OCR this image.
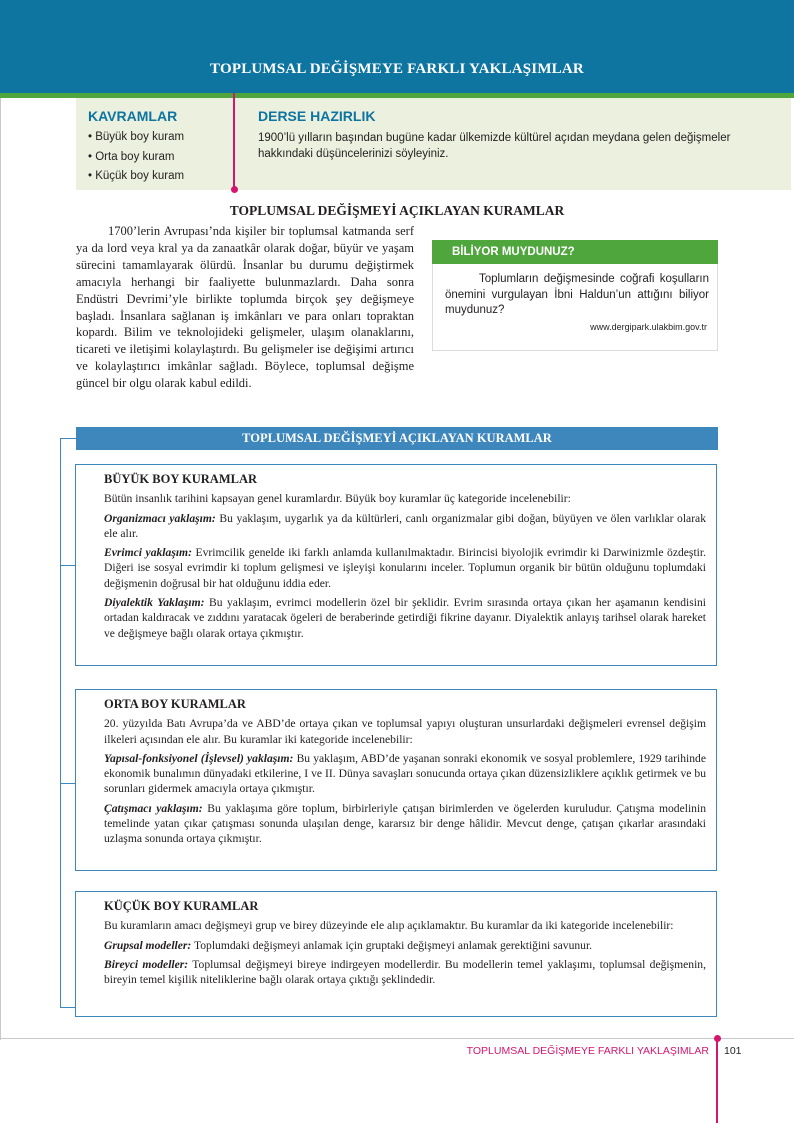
TOPLUMSAL DEĞİŞMEYE FARKLI YAKLAŞIMLAR
KAVRAMLAR
• Büyük boy kuram
• Orta boy kuram
• Küçük boy kuram
DERSE HAZIRLIK
1900’lü yılların başından bugüne kadar ülkemizde kültürel açıdan meydana gelen değişmeler hakkındaki düşüncelerinizi söyleyiniz.
TOPLUMSAL DEĞİŞMEYİ AÇIKLAYAN KURAMLAR

1700’lerin Avrupası’nda kişiler bir toplumsal katmanda serf ya da lord veya kral ya da zanaatkâr olarak doğar, büyür ve yaşam sürecini tamamlayarak ölürdü. İnsanlar bu durumu değiştirmek amacıyla herhangi bir faaliyette bulunmazlardı. Daha sonra Endüstri Devrimi’yle birlikte toplumda birçok şey değişmeye başladı. İnsanlara sağlanan iş imkânları ve para onları topraktan kopardı. Bilim ve teknolojideki gelişmeler, ulaşım olanaklarını, ticareti ve iletişimi kolaylaştırdı. Bu gelişmeler ise değişimi artırıcı ve kolaylaştırıcı imkânlar sağladı. Böylece, toplumsal değişme güncel bir olgu olarak kabul edildi.

BİLİYOR MUYDUNUZ?

Toplumların değişmesinde coğrafi koşulların önemini vurgulayan İbni Haldun’un attığını biliyor muydunuz?

www.dergipark.ulakbim.gov.tr
TOPLUMSAL DEĞİŞMEYİ AÇIKLAYAN KURAMLAR

BÜYÜK BOY KURAMLAR

Bütün insanlık tarihini kapsayan genel kuramlardır. Büyük boy kuramlar üç kategoride incelenebilir:

Organizmacı yaklaşım: Bu yaklaşım, uygarlık ya da kültürleri, canlı organizmalar gibi doğan, büyüyen ve ölen varlıklar olarak ele alır.

Evrimci yaklaşım: Evrimcilik genelde iki farklı anlamda kullanılmaktadır. Birincisi biyolojik evrimdir ki Darwinizmle özdeştir. Diğeri ise sosyal evrimdir ki toplum gelişmesi ve işleyişi konularını inceler. Toplumun organik bir bütün olduğunu toplumdaki değişmenin doğrusal bir hat olduğunu iddia eder.

Diyalektik Yaklaşım: Bu yaklaşım, evrimci modellerin özel bir şeklidir. Evrim sırasında ortaya çıkan her aşamanın kendisini ortadan kaldıracak ve zıddını yaratacak ögeleri de beraberinde getirdiği fikrine dayanır. Diyalektik anlayış tarihsel olarak hareket ve değişmeye bağlı olarak ortaya çıkmıştır.

ORTA BOY KURAMLAR

20. yüzyılda Batı Avrupa’da ve ABD’de ortaya çıkan ve toplumsal yapıyı oluşturan unsurlardaki değişmeleri evrensel değişim ilkeleri açısından ele alır. Bu kuramlar iki kategoride incelenebilir:

Yapısal-fonksiyonel (İşlevsel) yaklaşım: Bu yaklaşım, ABD’de yaşanan sonraki ekonomik ve sosyal problemlere, 1929 tarihinde ekonomik bunalımın dünyadaki etkilerine, I ve II. Dünya savaşları sonucunda ortaya çıkan düzensizliklere açıklık getirmek ve bu sorunları gidermek amacıyla ortaya çıkmıştır.

Çatışmacı yaklaşım: Bu yaklaşıma göre toplum, birbirleriyle çatışan birimlerden ve ögelerden kuruludur. Çatışma modelinin temelinde yatan çıkar çatışması sonunda ulaşılan denge, kararsız bir denge hâlidir. Mevcut denge, çatışan çıkarlar arasındaki uzlaşma sonunda ortaya çıkmıştır.

KÜÇÜK BOY KURAMLAR

Bu kuramların amacı değişmeyi grup ve birey düzeyinde ele alıp açıklamaktır. Bu kuramlar da iki kategoride incelenebilir:

Grupsal modeller: Toplumdaki değişmeyi anlamak için gruptaki değişmeyi anlamak gerektiğini savunur.

Bireyci modeller: Toplumsal değişmeyi bireye indirgeyen modellerdir. Bu modellerin temel yaklaşımı, toplumsal değişmenin, bireyin temel kişilik niteliklerine bağlı olarak ortaya çıktığı şeklindedir.

TOPLUMSAL DEĞİŞMEYE FARKLI YAKLAŞIMLAR 101
